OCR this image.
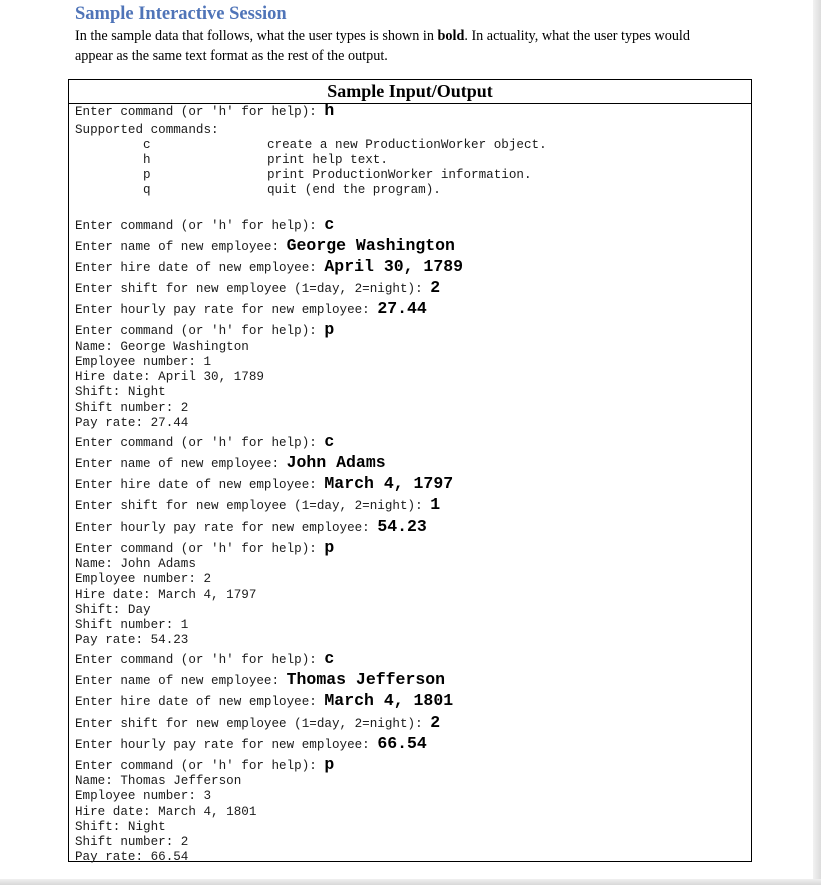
Sample Interactive Session
In the sample data that follows, what the user types is shown in bold. In actuality, what the user types would
appear as the same text format as the rest of the output.
Sample Input/Output
Enter command (or 'h' for help): h
Supported commands:
c	create a new ProductionWorker object.
h	print help text.
p	print ProductionWorker information.
q	quit (end the program).
Enter command (or 'h' for help): c
Enter name of new employee: George Washington
Enter hire date of new employee: April 30, 1789
Enter shift for new employee (1=day, 2=night): 2
Enter hourly pay rate for new employee: 27.44
Enter command (or 'h' for help): p
Name: George Washington
Employee number: 1
Hire date: April 30, 1789
Shift: Night
Shift number: 2
Pay rate: 27.44
Enter command (or 'h' for help): c
Enter name of new employee: John Adams
Enter hire date of new employee: March 4, 1797
Enter shift for new employee (1=day, 2=night): 1
Enter hourly pay rate for new employee: 54.23
Enter command (or 'h' for help): p
Name: John Adams
Employee number: 2
Hire date: March 4, 1797
Shift: Day
Shift number: 1
Pay rate: 54.23
Enter command (or 'h' for help): c
Enter name of new employee: Thomas Jefferson
Enter hire date of new employee: March 4, 1801
Enter shift for new employee (1=day, 2=night): 2
Enter hourly pay rate for new employee: 66.54
Enter command (or 'h' for help): p
Name: Thomas Jefferson
Employee number: 3
Hire date: March 4, 1801
Shift: Night
Shift number: 2
Pay rate: 66.54
